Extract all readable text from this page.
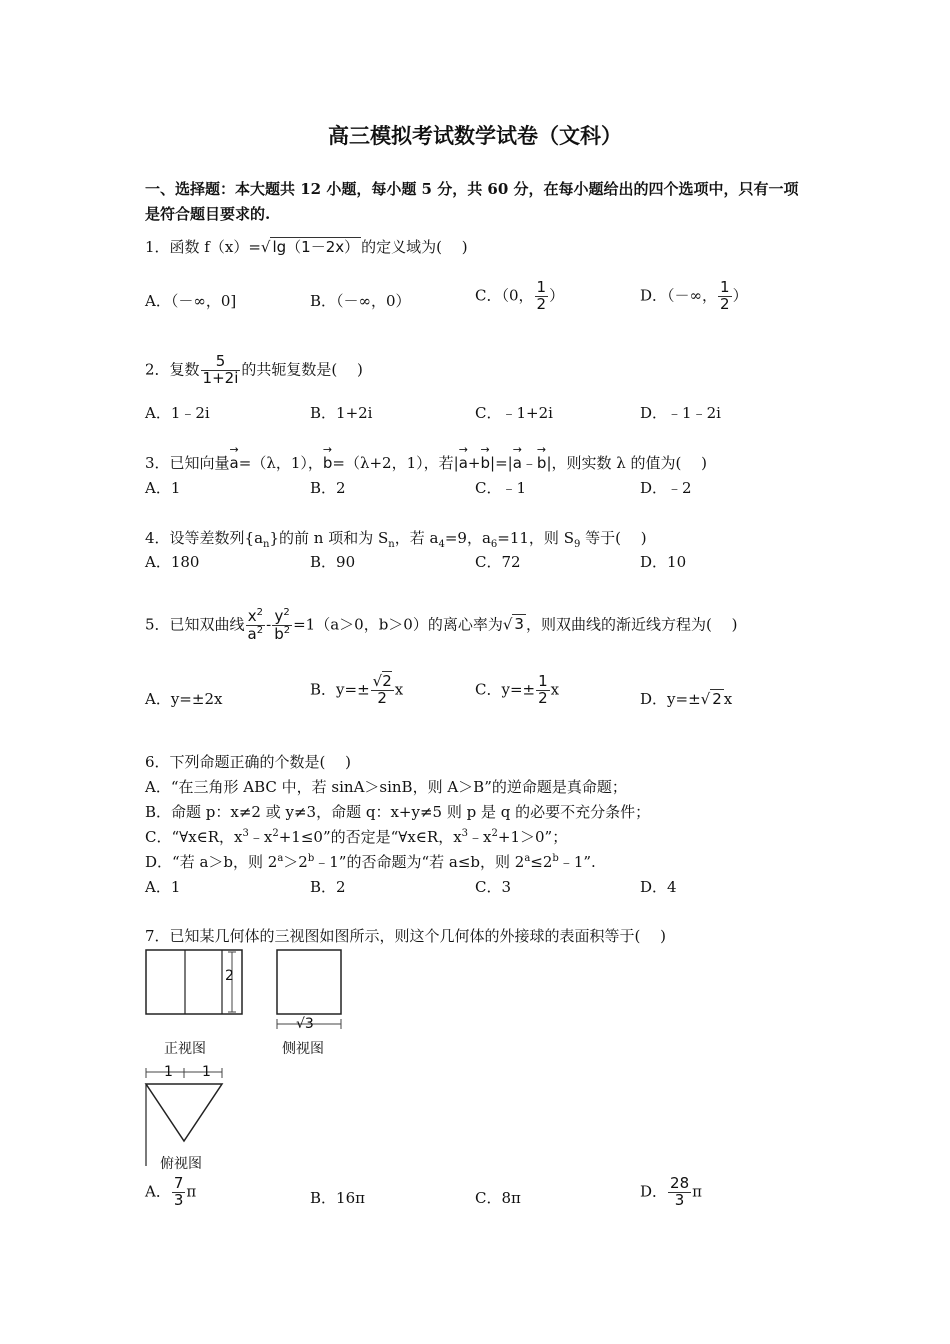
高三模拟考试数学试卷（文科）
一、选择题：本大题共 12 小题，每小题 5 分，共 60 分，在每小题给出的四个选项中，只有一项
是符合题目要求的.
1．函数 f（x）=√ lg（1－2x） 的定义域为(　 )
A．（－∞，0]	B．（－∞，0）	C．（0， $\frac{1}{2}$ ）	D．（－∞， $\frac{1}{2}$ ）
2．复数 $\frac{5}{1+2i}$ 的共轭复数是(　 )
A．1﹣2i	B．1+2i	C．﹣1+2i	D．﹣1﹣2i
3．已知向量→ a=（λ，1），→ b=（λ+2，1），若|→ a+→ b|=|→ a﹣→ b|，则实数 λ 的值为(　 )
A．1	B．2	C．﹣1	D．﹣2
4．设等差数列$\{a_n\}$的前 n 项和为 $S_n$，若 $a_4=9$，$a_6=11$，则 $S_9$ 等于(　 )
A．180	B．90	C．72	D．10
5．已知双曲线 $\frac{x^2}{a^2} - \frac{y^2}{b^2} =1(a>0$，b＞0）的离心率为√ 3 ，则双曲线的渐近线方程为(　 )
A．y=±2x
B．$y=\pm \frac{√2}{2}$ x	C．$y=\pm \frac{1}{2}$ x
D．y=±√ 2 x
6．下列命题正确的个数是(　 )
A．“在三角形 ABC 中，若 sinA＞sinB，则 A＞B”的逆命题是真命题；
B．命题 p：x≠2 或 y≠3，命题 q：x+y≠5 则 p 是 q 的必要不充分条件；
C．“∀x∈R，$x^3﹣x^2+1\le 0$”的否定是“∀x∈R，$x^3﹣x^2+1>0$”；
D．“若 a＞b，则 $2^a>2^b﹣1$”的否命题为“若 a≤b，则 $2^a\le 2^b﹣1$”.
A．1	B．2	C．3	D．4
7．已知某几何体的三视图如图所示，则这个几何体的外接球的表面积等于(　 )
2
√3
1 1
正视图	侧视图
俯视图
A． $\frac{7}{3}$ π	B．16π	C．8π	D． $\frac{28}{3}$ π
